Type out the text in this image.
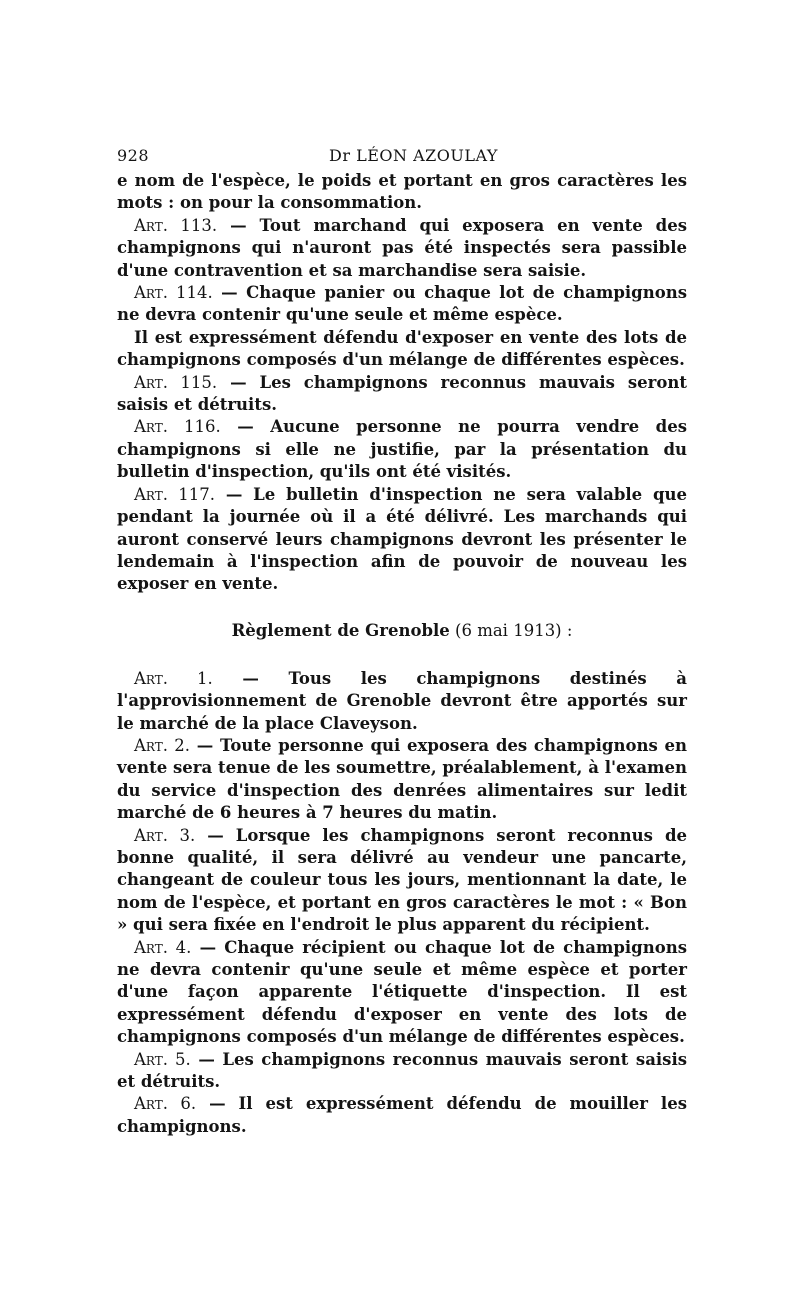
928	Dr LÉON AZOULAY

e nom de l'espèce, le poids et portant en gros caractères les mots : on pour la consommation.

Art. 113. — Tout marchand qui exposera en vente des champignons qui n'auront pas été inspectés sera passible d'une contravention et sa marchandise sera saisie.

Art. 114. — Chaque panier ou chaque lot de champignons ne devra contenir qu'une seule et même espèce.

Il est expressément défendu d'exposer en vente des lots de champignons composés d'un mélange de différentes espèces.

Art. 115. — Les champignons reconnus mauvais seront saisis et détruits.

Art. 116. — Aucune personne ne pourra vendre des champignons si elle ne justifie, par la présentation du bulletin d'inspection, qu'ils ont été visités.

Art. 117. — Le bulletin d'inspection ne sera valable que pendant la journée où il a été délivré. Les marchands qui auront conservé leurs champignons devront les présenter le lendemain à l'inspection afin de pouvoir de nouveau les exposer en vente.

Règlement de Grenoble (6 mai 1913) :

Art. 1. — Tous les champignons destinés à l'approvisionnement de Grenoble devront être apportés sur le marché de la place Claveyson.

Art. 2. — Toute personne qui exposera des champignons en vente sera tenue de les soumettre, préalablement, à l'examen du service d'inspection des denrées alimentaires sur ledit marché de 6 heures à 7 heures du matin.

Art. 3. — Lorsque les champignons seront reconnus de bonne qualité, il sera délivré au vendeur une pancarte, changeant de couleur tous les jours, mentionnant la date, le nom de l'espèce, et portant en gros caractères le mot : « Bon » qui sera fixée en l'endroit le plus apparent du récipient.

Art. 4. — Chaque récipient ou chaque lot de champignons ne devra contenir qu'une seule et même espèce et porter d'une façon apparente l'étiquette d'inspection. Il est expressément défendu d'exposer en vente des lots de champignons composés d'un mélange de différentes espèces.

Art. 5. — Les champignons reconnus mauvais seront saisis et détruits.

Art. 6. — Il est expressément défendu de mouiller les champignons.
